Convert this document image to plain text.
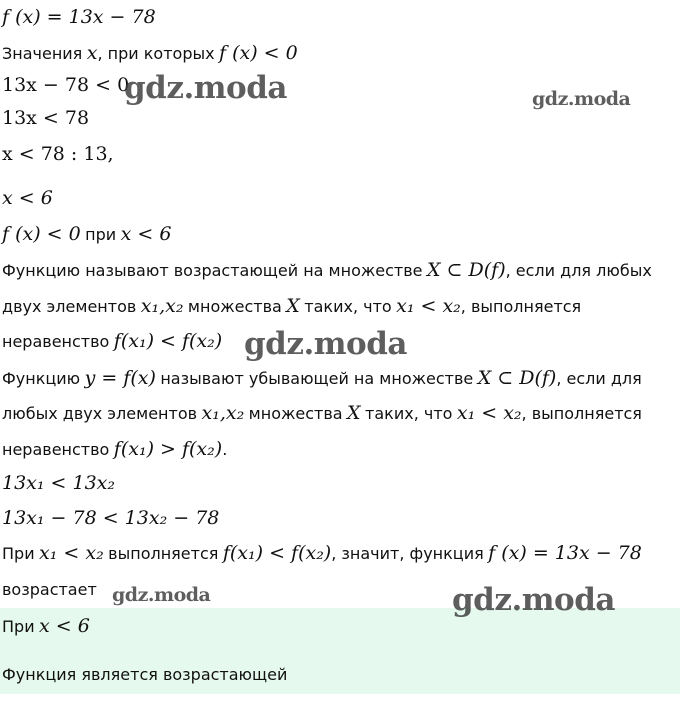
f (x) = 13x − 78
Значения x, при которых f (x) < 0
13x − 78 < 0
13x < 78
x < 78 : 13,
x < 6
f (x) < 0 при x < 6
Функцию называют возрастающей на множестве X ⊂ D(f), если для любых
двух элементов x₁,x₂ множества X таких, что x₁ < x₂, выполняется
неравенство f(x₁) < f(x₂)
Функцию y = f(x) называют убывающей на множестве X ⊂ D(f), если для
любых двух элементов x₁,x₂ множества X таких, что x₁ < x₂, выполняется
неравенство f(x₁) > f(x₂).
13x₁ < 13x₂
13x₁ − 78 < 13x₂ − 78
При x₁ < x₂ выполняется f(x₁) < f(x₂), значит, функция f (x) = 13x − 78
возрастает
При x < 6
Функция является возрастающей
gdz.moda	gdz.moda
gdz.moda
gdz.moda	gdz.moda
